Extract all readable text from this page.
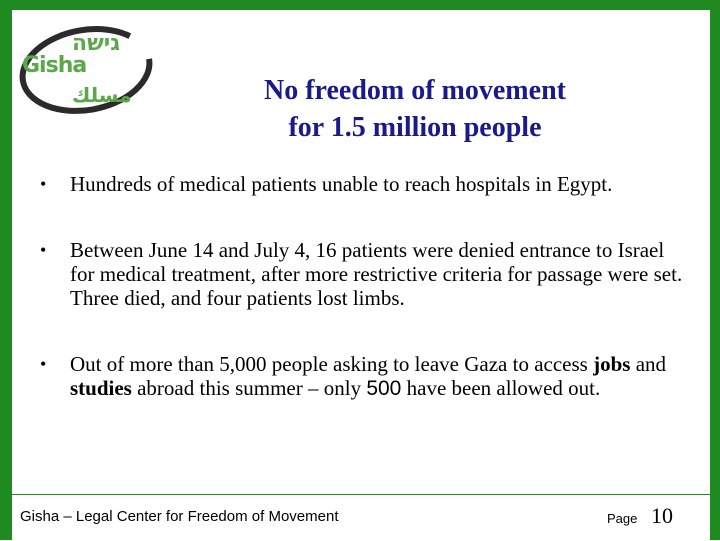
גישה
Gisha
مسلك	No freedom of movement
for 1.5 million people
• Hundreds of medical patients unable to reach hospitals in Egypt.
• Between June 14 and July 4, 16 patients were denied entrance to Israel for medical treatment, after more restrictive criteria for passage were set. Three died, and four patients lost limbs.
• Out of more than 5,000 people asking to leave Gaza to access jobs and studies abroad this summer – only 500 have been allowed out.
Gisha – Legal Center for Freedom of Movement	Page 10
